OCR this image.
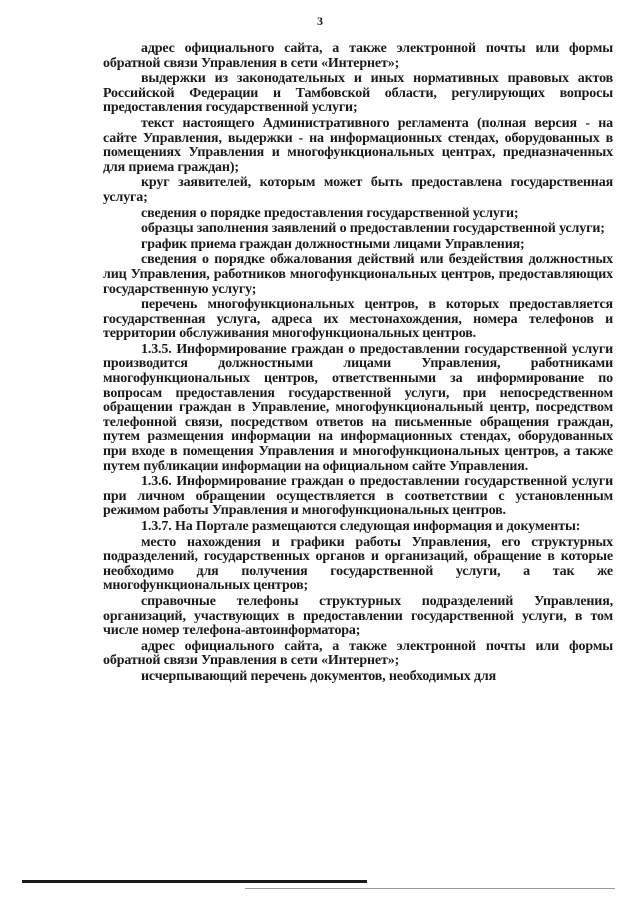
3

адрес официального сайта, а также электронной почты или формы обратной связи Управления в сети «Интернет»;

выдержки из законодательных и иных нормативных правовых актов Российской Федерации и Тамбовской области, регулирующих вопросы предоставления государственной услуги;

текст настоящего Административного регламента (полная версия - на сайте Управления, выдержки - на информационных стендах, оборудованных в помещениях Управления и многофункциональных центрах, предназначенных для приема граждан);

круг заявителей, которым может быть предоставлена государственная услуга;

сведения о порядке предоставления государственной услуги;

образцы заполнения заявлений о предоставлении государственной услуги;

график приема граждан должностными лицами Управления;

сведения о порядке обжалования действий или бездействия должностных лиц Управления, работников многофункциональных центров, предоставляющих государственную услугу;

перечень многофункциональных центров, в которых предоставляется государственная услуга, адреса их местонахождения, номера телефонов и территории обслуживания многофункциональных центров.

1.3.5. Информирование граждан о предоставлении государственной услуги производится должностными лицами Управления, работниками многофункциональных центров, ответственными за информирование по вопросам предоставления государственной услуги, при непосредственном обращении граждан в Управление, многофункциональный центр, посредством телефонной связи, посредством ответов на письменные обращения граждан, путем размещения информации на информационных стендах, оборудованных при входе в помещения Управления и многофункциональных центров, а также путем публикации информации на официальном сайте Управления.

1.3.6. Информирование граждан о предоставлении государственной услуги при личном обращении осуществляется в соответствии с установленным режимом работы Управления и многофункциональных центров.

1.3.7. На Портале размещаются следующая информация и документы:

место нахождения и графики работы Управления, его структурных подразделений, государственных органов и организаций, обращение в которые необходимо для получения государственной услуги, а так же многофункциональных центров;

справочные телефоны структурных подразделений Управления, организаций, участвующих в предоставлении государственной услуги, в том числе номер телефона-автоинформатора;

адрес официального сайта, а также электронной почты или формы обратной связи Управления в сети «Интернет»;

исчерпывающий перечень документов, необходимых для
